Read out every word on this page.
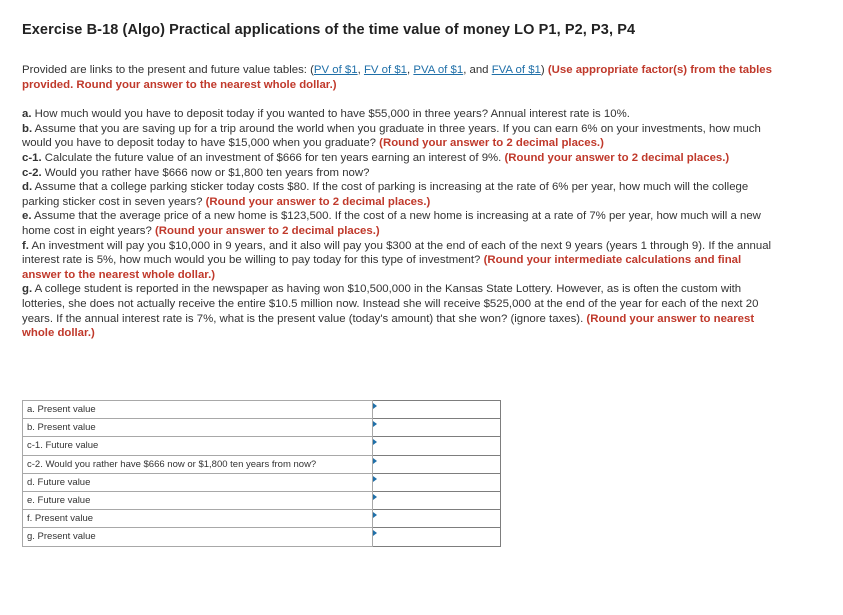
Exercise B-18 (Algo) Practical applications of the time value of money LO P1, P2, P3, P4

Provided are links to the present and future value tables: (PV of $1, FV of $1, PVA of $1, and FVA of $1) (Use appropriate factor(s) from the tables provided. Round your answer to the nearest whole dollar.)

a. How much would you have to deposit today if you wanted to have $55,000 in three years? Annual interest rate is 10%.

b. Assume that you are saving up for a trip around the world when you graduate in three years. If you can earn 6% on your investments, how much would you have to deposit today to have $15,000 when you graduate? (Round your answer to 2 decimal places.)

c-1. Calculate the future value of an investment of $666 for ten years earning an interest of 9%. (Round your answer to 2 decimal places.)

c-2. Would you rather have $666 now or $1,800 ten years from now?

d. Assume that a college parking sticker today costs $80. If the cost of parking is increasing at the rate of 6% per year, how much will the college parking sticker cost in seven years? (Round your answer to 2 decimal places.)

e. Assume that the average price of a new home is $123,500. If the cost of a new home is increasing at a rate of 7% per year, how much will a new home cost in eight years? (Round your answer to 2 decimal places.)

f. An investment will pay you $10,000 in 9 years, and it also will pay you $300 at the end of each of the next 9 years (years 1 through 9). If the annual interest rate is 5%, how much would you be willing to pay today for this type of investment? (Round your intermediate calculations and final answer to the nearest whole dollar.)

g. A college student is reported in the newspaper as having won $10,500,000 in the Kansas State Lottery. However, as is often the custom with lotteries, she does not actually receive the entire $10.5 million now. Instead she will receive $525,000 at the end of the year for each of the next 20 years. If the annual interest rate is 7%, what is the present value (today's amount) that she won? (ignore taxes). (Round your answer to nearest whole dollar.)

a. Present value	

b. Present value	

c-1. Future value	

c-2. Would you rather have $666 now or $1,800 ten years from now?	

d. Future value	

e. Future value	

f. Present value	

g. Present value	
